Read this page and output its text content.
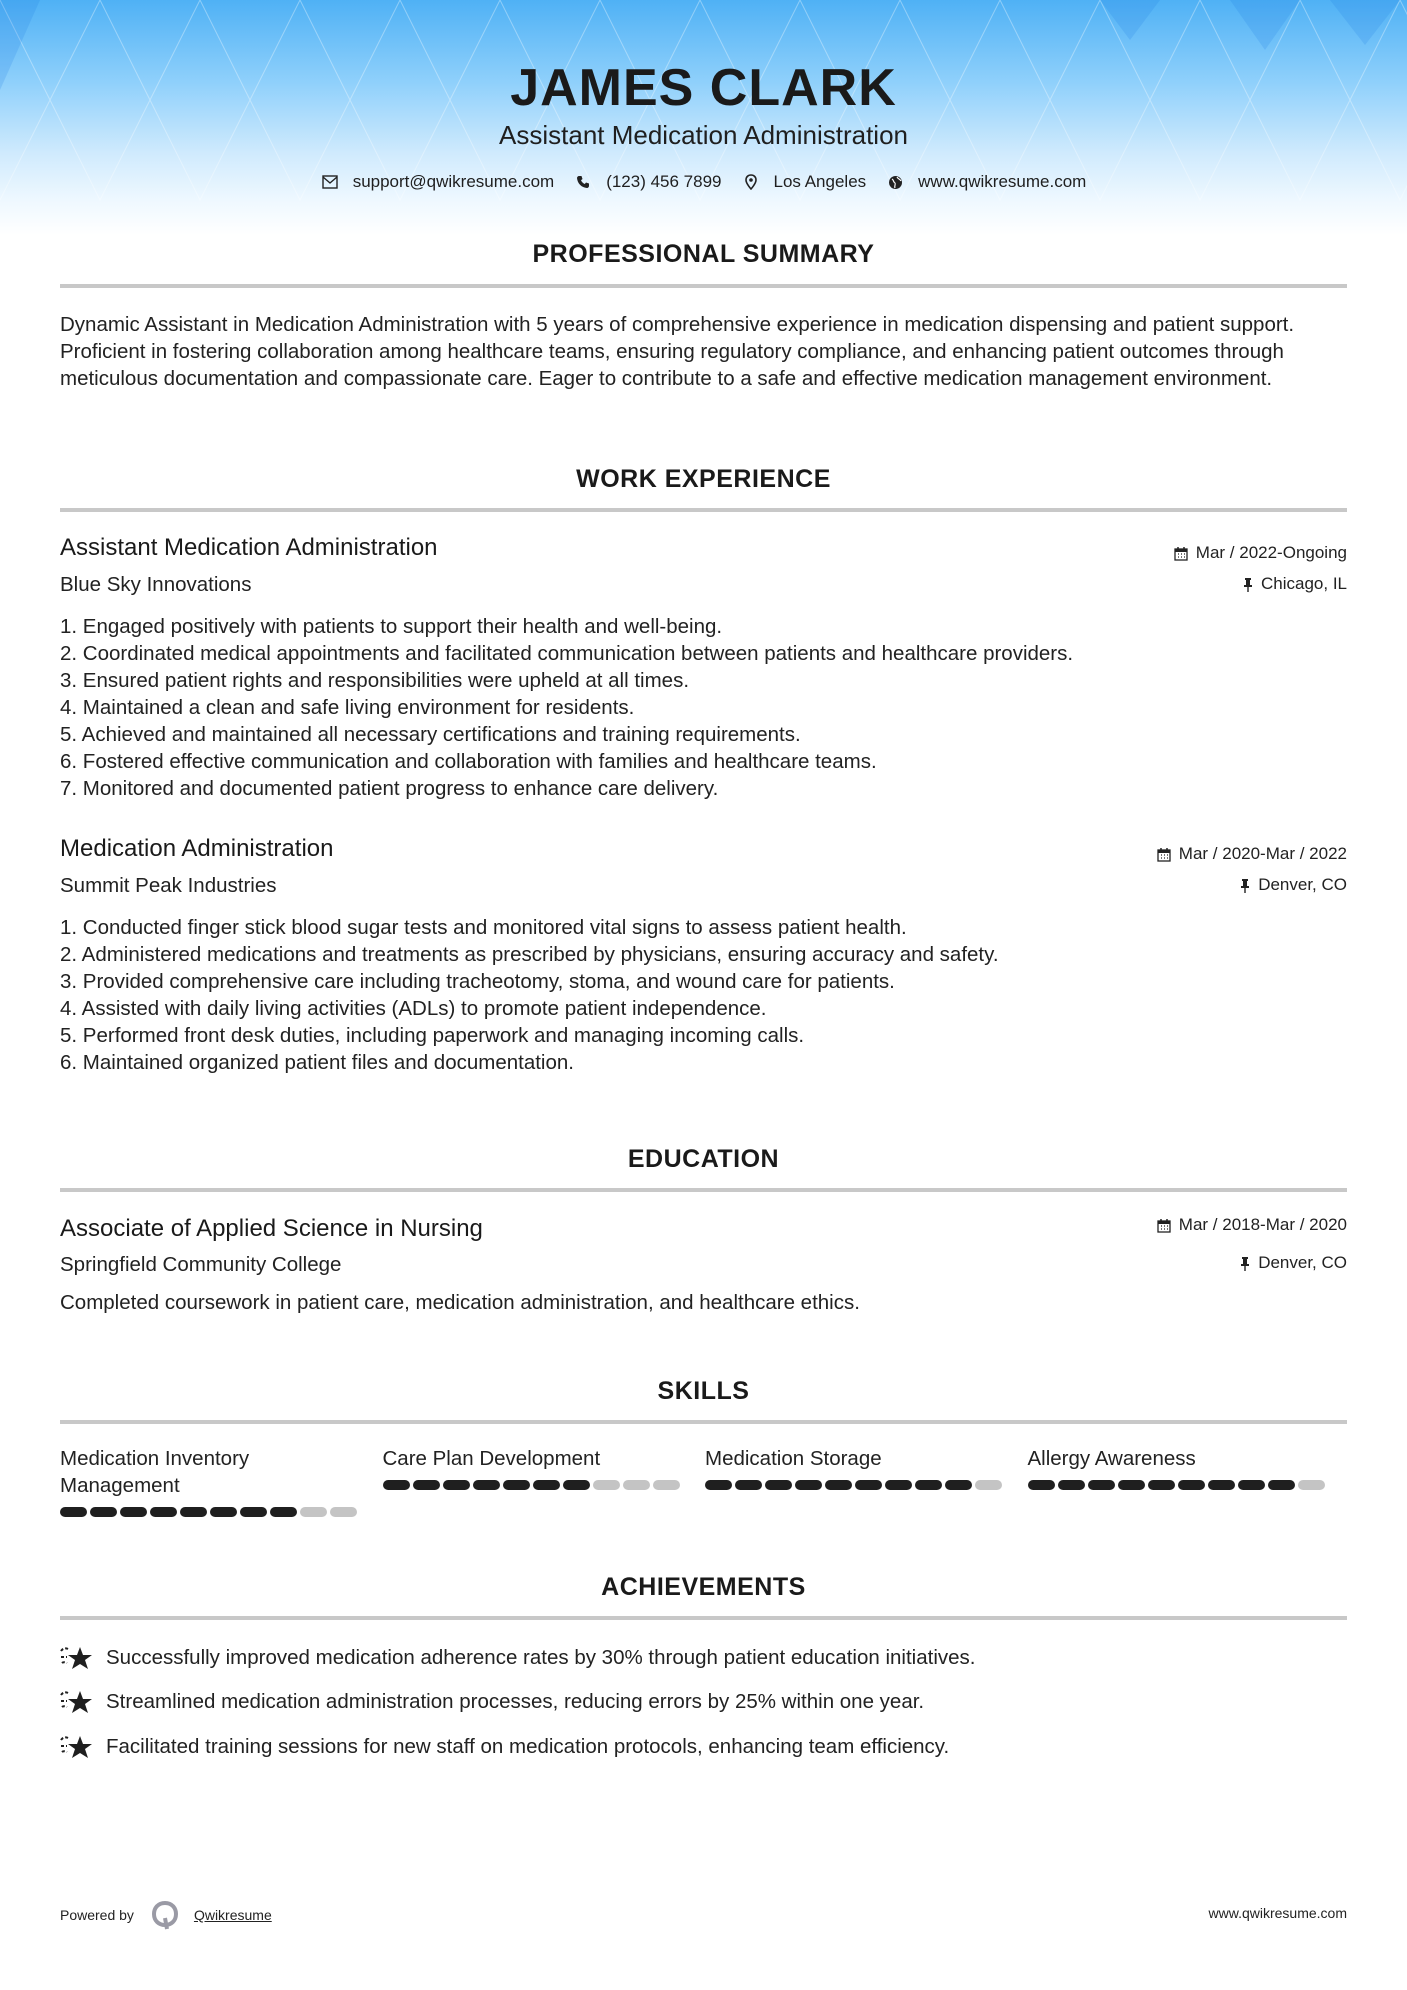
JAMES CLARK
Assistant Medication Administration
support@qwikresume.com	(123) 456 7899	Los Angeles	www.qwikresume.com
PROFESSIONAL SUMMARY

Dynamic Assistant in Medication Administration with 5 years of comprehensive experience in medication dispensing and patient support. Proficient in fostering collaboration among healthcare teams, ensuring regulatory compliance, and enhancing patient outcomes through meticulous documentation and compassionate care. Eager to contribute to a safe and effective medication management environment.

WORK EXPERIENCE
Assistant Medication Administration
Blue Sky Innovations
Mar / 2022-Ongoing
Chicago, IL
1. Engaged positively with patients to support their health and well-being.
2. Coordinated medical appointments and facilitated communication between patients and healthcare providers.
3. Ensured patient rights and responsibilities were upheld at all times.
4. Maintained a clean and safe living environment for residents.
5. Achieved and maintained all necessary certifications and training requirements.
6. Fostered effective communication and collaboration with families and healthcare teams.
7. Monitored and documented patient progress to enhance care delivery.
Medication Administration
Summit Peak Industries
Mar / 2020-Mar / 2022
Denver, CO
1. Conducted finger stick blood sugar tests and monitored vital signs to assess patient health.
2. Administered medications and treatments as prescribed by physicians, ensuring accuracy and safety.
3. Provided comprehensive care including tracheotomy, stoma, and wound care for patients.
4. Assisted with daily living activities (ADLs) to promote patient independence.
5. Performed front desk duties, including paperwork and managing incoming calls.
6. Maintained organized patient files and documentation.
EDUCATION
Associate of Applied Science in Nursing
Springfield Community College
Mar / 2018-Mar / 2020
Denver, CO

Completed coursework in patient care, medication administration, and healthcare ethics.

SKILLS
Medication Inventory Management
Care Plan Development	Medication Storage	Allergy Awareness
ACHIEVEMENTS
Successfully improved medication adherence rates by 30% through patient education initiatives.
Streamlined medication administration processes, reducing errors by 25% within one year.
Facilitated training sessions for new staff on medication protocols, enhancing team efficiency.
Powered by	Qwikresume	www.qwikresume.com
